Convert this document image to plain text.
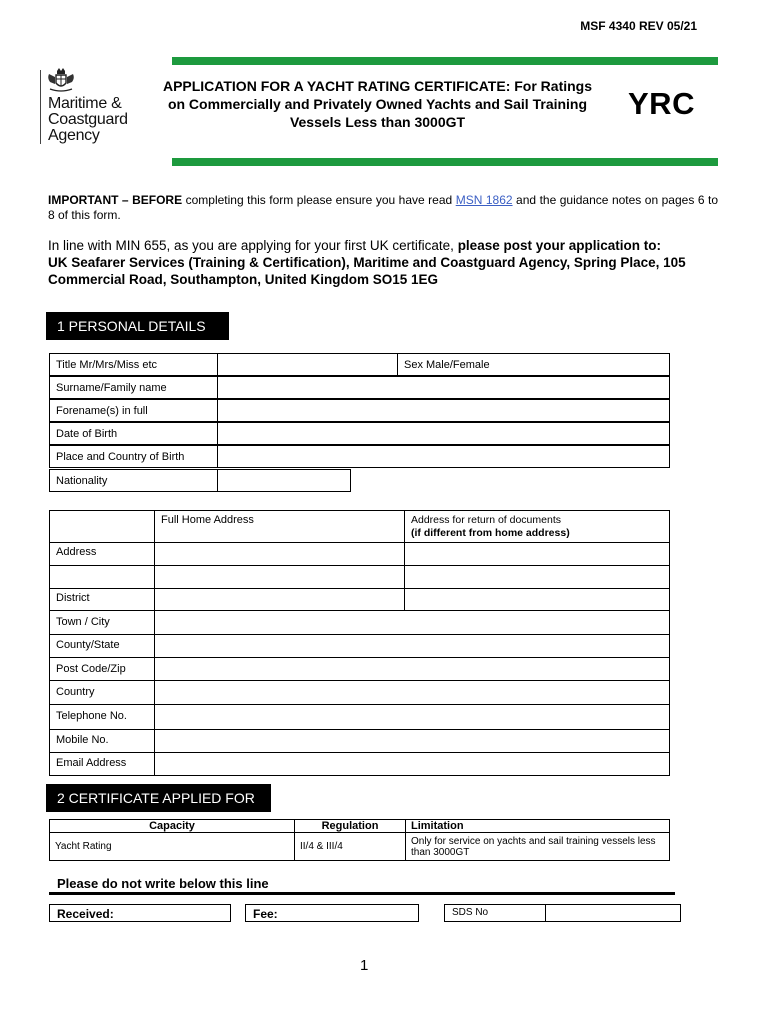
MSF 4340 REV 05/21
Maritime &
Coastguard
Agency
APPLICATION FOR A YACHT RATING CERTIFICATE: For Ratings on Commercially and Privately Owned Yachts and Sail Training Vessels Less than 3000GT
YRC
IMPORTANT – BEFORE completing this form please ensure you have read MSN 1862 and the guidance notes on pages 6 to 8 of this form.
In line with MIN 655, as you are applying for your first UK certificate, please post your application to:
UK Seafarer Services (Training & Certification), Maritime and Coastguard Agency, Spring Place, 105 Commercial Road, Southampton, United Kingdom SO15 1EG
1 PERSONAL DETAILS
Title Mr/Mrs/Miss etc	Sex Male/Female
Surname/Family name
Forename(s) in full
Date of Birth
Place and Country of Birth
Nationality
Full Home Address	Address for return of documents
(if different from home address)
Address
District
Town / City
County/State
Post Code/Zip
Country
Telephone No.
Mobile No.
Email Address
2 CERTIFICATE APPLIED FOR
Capacity	Regulation	Limitation
Yacht Rating	II/4 & III/4	Only for service on yachts and sail training vessels less than 3000GT
Please do not write below this line
Received:	Fee:	SDS No
1
